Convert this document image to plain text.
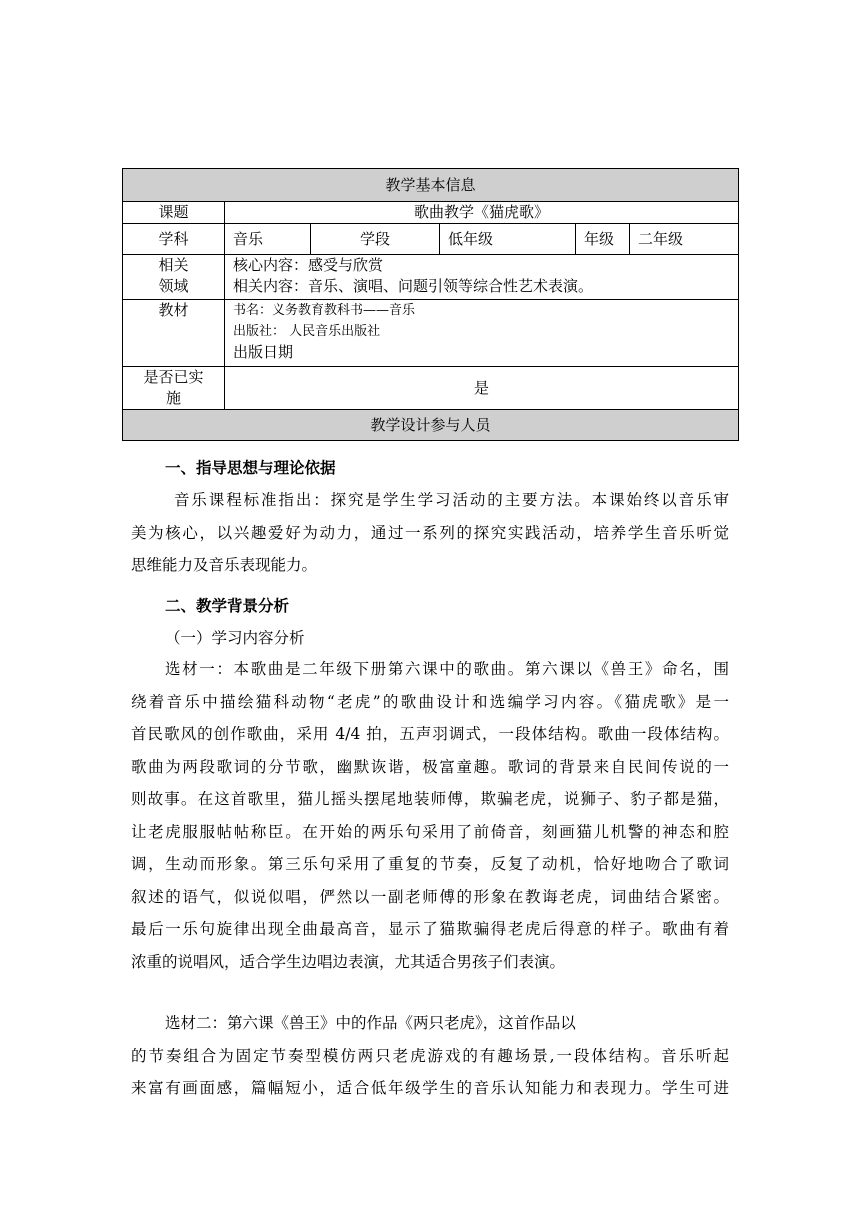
教学基本信息					
课题	歌曲教学《猫虎歌》				
学科	音乐	学段	低年级	年级	二年级

相关
领域	核心内容：感受与欣赏
相关内容：音乐、演唱、问题引领等综合性艺术表演。				

教材	书名：义务教育教科书——音乐
出版社： 人民音乐出版社
出版日期				

是否已实
施	是				
教学设计参与人员					
一、指导思想与理论依据
音乐课程标准指出：探究是学生学习活动的主要方法。本课始终以音乐审
美为核心，以兴趣爱好为动力，通过一系列的探究实践活动，培养学生音乐听觉
思维能力及音乐表现能力。
二、教学背景分析
（一）学习内容分析
选材一：本歌曲是二年级下册第六课中的歌曲。第六课以《兽王》命名，围
绕着音乐中描绘猫科动物“老虎”的歌曲设计和选编学习内容。《猫虎歌》是一
首民歌风的创作歌曲，采用 4/4 拍，五声羽调式，一段体结构。歌曲一段体结构。
歌曲为两段歌词的分节歌，幽默诙谐，极富童趣。歌词的背景来自民间传说的一
则故事。在这首歌里，猫儿摇头摆尾地装师傅，欺骗老虎，说狮子、豹子都是猫，
让老虎服服帖帖称臣。在开始的两乐句采用了前倚音，刻画猫儿机警的神态和腔
调，生动而形象。第三乐句采用了重复的节奏，反复了动机，恰好地吻合了歌词
叙述的语气，似说似唱，俨然以一副老师傅的形象在教诲老虎，词曲结合紧密。
最后一乐句旋律出现全曲最高音，显示了猫欺骗得老虎后得意的样子。歌曲有着
浓重的说唱风，适合学生边唱边表演，尤其适合男孩子们表演。
选材二：第六课《兽王》中的作品《两只老虎》，这首作品以
的节奏组合为固定节奏型模仿两只老虎游戏的有趣场景,一段体结构。音乐听起
来富有画面感，篇幅短小，适合低年级学生的音乐认知能力和表现力。学生可进
